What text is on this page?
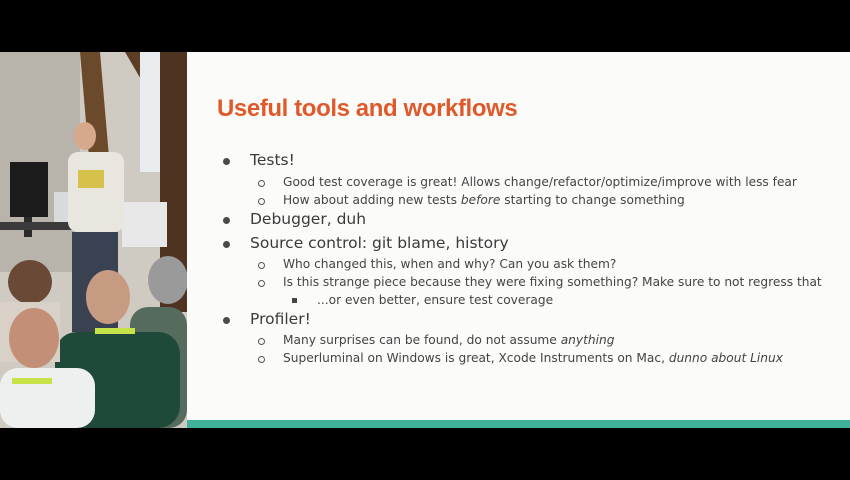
Useful tools and workflows
Tests!
Good test coverage is great! Allows change/refactor/optimize/improve with less fear
How about adding new tests before starting to change something
Debugger, duh
Source control: git blame, history
Who changed this, when and why? Can you ask them?
Is this strange piece because they were fixing something? Make sure to not regress that
...or even better, ensure test coverage
Profiler!
Many surprises can be found, do not assume anything
Superluminal on Windows is great, Xcode Instruments on Mac, dunno about Linux
